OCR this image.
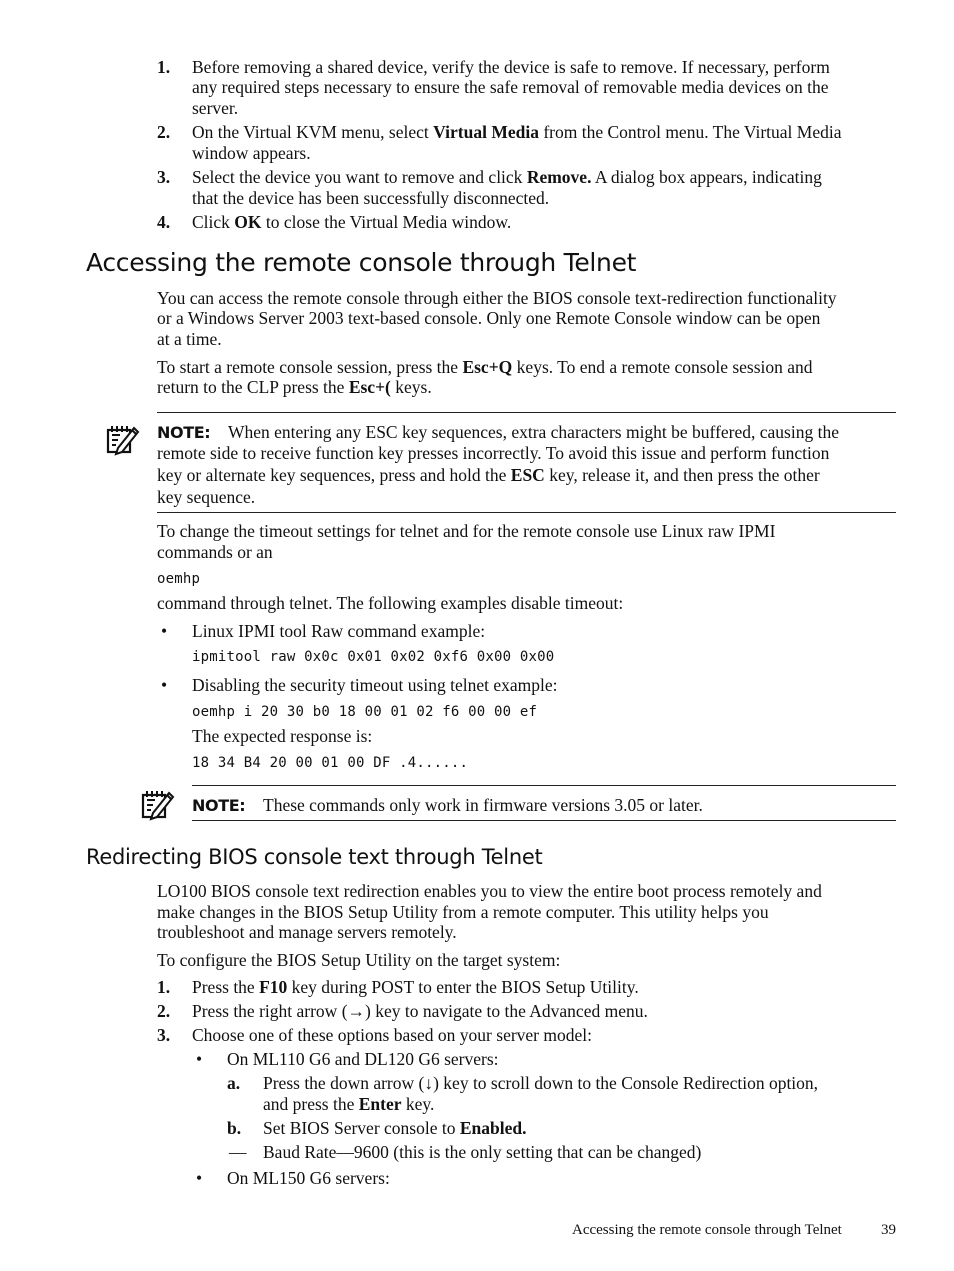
1. Before removing a shared device, verify the device is safe to remove. If necessary, perform
any required steps necessary to ensure the safe removal of removable media devices on the
server.
2. On the Virtual KVM menu, select Virtual Media from the Control menu. The Virtual Media
window appears.
3. Select the device you want to remove and click Remove. A dialog box appears, indicating
that the device has been successfully disconnected.
4. Click OK to close the Virtual Media window.
Accessing the remote console through Telnet
You can access the remote console through either the BIOS console text-redirection functionality
or a Windows Server 2003 text-based console. Only one Remote Console window can be open
at a time.
To start a remote console session, press the Esc+Q keys. To end a remote console session and
return to the CLP press the Esc+( keys.
NOTE: When entering any ESC key sequences, extra characters might be buffered, causing the
remote side to receive function key presses incorrectly. To avoid this issue and perform function
key or alternate key sequences, press and hold the ESC key, release it, and then press the other
key sequence.
To change the timeout settings for telnet and for the remote console use Linux raw IPMI
commands or an
oemhp
command through telnet. The following examples disable timeout:
• Linux IPMI tool Raw command example:
ipmitool raw 0x0c 0x01 0x02 0xf6 0x00 0x00
• Disabling the security timeout using telnet example:
oemhp i 20 30 b0 18 00 01 02 f6 00 00 ef
The expected response is:
18 34 B4 20 00 01 00 DF .4......
NOTE: These commands only work in firmware versions 3.05 or later.
Redirecting BIOS console text through Telnet
LO100 BIOS console text redirection enables you to view the entire boot process remotely and
make changes in the BIOS Setup Utility from a remote computer. This utility helps you
troubleshoot and manage servers remotely.
To configure the BIOS Setup Utility on the target system:
1. Press the F10 key during POST to enter the BIOS Setup Utility.
2. Press the right arrow (→) key to navigate to the Advanced menu.
3. Choose one of these options based on your server model:
• On ML110 G6 and DL120 G6 servers:
a. Press the down arrow (↓) key to scroll down to the Console Redirection option,
and press the Enter key.
b. Set BIOS Server console to Enabled.
— Baud Rate—9600 (this is the only setting that can be changed)
• On ML150 G6 servers:
Accessing the remote console through Telnet	39
